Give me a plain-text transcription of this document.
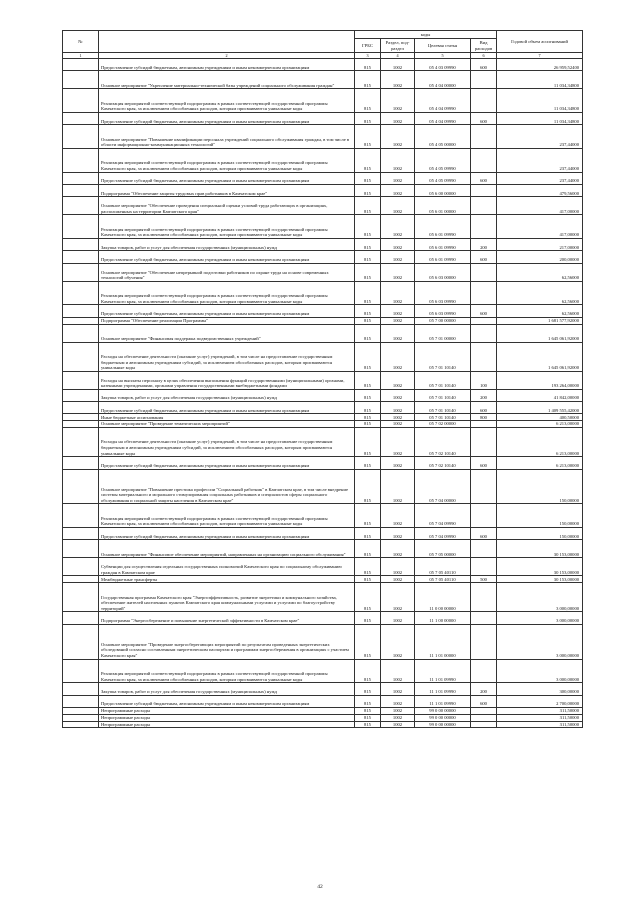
№		коды				Годовой объем ассигнований
		ГРБС	Раздел, под-раздел	Целевая статья	Вид расходов	
1	2	3	4	5	6	7
	Предоставление субсидий бюджетным, автономным учреждениям и иным некоммерческим организациям	815	1002	05 4 03 09990	600	26 959,52400
	Основное мероприятие "Укрепление материально-технической базы учреждений социального обслуживания граждан"	815	1002	05 4 04 00000		11 034,34800
	Реализация мероприятий соответствующей подпрограммы в рамках соответствующей государственной программы Камчатского края, за исключением обособленных расходов, которым присваиваются уникальные коды	815	1002	05 4 04 09990		11 034,34800
	Предоставление субсидий бюджетным, автономным учреждениям и иным некоммерческим организациям	815	1002	05 4 04 09990	600	11 034,34800
	Основное мероприятие "Повышение квалификации персонала учреждений социального обслуживания граждан, в том числе в области информационно-коммуникационных технологий"	815	1002	05 4 05 00000		237,44000
	Реализация мероприятий соответствующей подпрограммы в рамках соответствующей государственной программы Камчатского края, за исключением обособленных расходов, которым присваиваются уникальные коды	815	1002	05 4 05 09990		237,44000
	Предоставление субсидий бюджетным, автономным учреждениям и иным некоммерческим организациям	815	1002	05 4 05 09990	600	237,44000
	Подпрограмма "Обеспечение защиты трудовых прав работников в Камчатском крае"	815	1002	05 6 00 00000		479,56000
	Основное мероприятие "Обеспечение проведения специальной оценки условий труда работающих в организациях, расположенных на территории Камчатского края"	815	1002	05 6 01 00000		417,00000
	Реализация мероприятий соответствующей подпрограммы в рамках соответствующей государственной программы Камчатского края, за исключением обособленных расходов, которым присваиваются уникальные коды	815	1002	05 6 01 09990		417,00000
	Закупка товаров, работ и услуг для обеспечения государственных (муниципальных) нужд	815	1002	05 6 01 09990	200	217,00000
	Предоставление субсидий бюджетным, автономным учреждениям и иным некоммерческим организациям	815	1002	05 6 01 09990	600	200,00000
	Основное мероприятие "Обеспечение непрерывной подготовки работников по охране труда на основе современных технологий обучения"	815	1002	05 6 03 00000		62,56000
	Реализация мероприятий соответствующей подпрограммы в рамках соответствующей государственной программы Камчатского края, за исключением обособленных расходов, которым присваиваются уникальные коды	815	1002	05 6 03 09990		62,56000
	Предоставление субсидий бюджетным, автономным учреждениям и иным некоммерческим организациям	815	1002	05 6 03 09990	600	62,56000
	Подпрограмма "Обеспечение реализации Программы"	815	1002	05 7 00 00000		1 681 577,92000
	Основное мероприятие "Финансовая поддержка подведомственных учреждений"	815	1002	05 7 01 00000		1 645 061,92000
	Расходы на обеспечение деятельности (оказание услуг) учреждений, в том числе на предоставление государственным бюджетным и автономным учреждениям субсидий, за исключением обособленных расходов, которым присваиваются уникальные коды	815	1002	05 7 01 10140		1 645 061,92000
	Расходы на выплаты персоналу в целях обеспечения выполнения функций государственными (муниципальными) органами, казенными учреждениями, органами управления государственными внебюджетными фондами	815	1002	05 7 01 10140	100	193 264,00000
	Закупка товаров, работ и услуг для обеспечения государственных (муниципальных) нужд	815	1002	05 7 01 10140	200	41 842,00000
	Предоставление субсидий бюджетным, автономным учреждениям и иным некоммерческим организациям	815	1002	05 7 01 10140	600	1 409 555,42000
	Иные бюджетные ассигнования	815	1002	05 7 01 10140	800	400,50000
	Основное мероприятие "Проведение тематических мероприятий"	815	1002	05 7 02 00000		6 213,00000
	Расходы на обеспечение деятельности (оказание услуг) учреждений, в том числе на предоставление государственным бюджетным и автономным учреждениям субсидий, за исключением обособленных расходов, которым присваиваются уникальные коды	815	1002	05 7 02 10140		6 213,00000
	Предоставление субсидий бюджетным, автономным учреждениям и иным некоммерческим организациям	815	1002	05 7 02 10140	600	6 213,00000
	Основное мероприятие "Повышение престижа профессии "Социальный работник" в Камчатском крае, в том числе внедрение системы материального и морального стимулирования социальных работников и специалистов сферы социального обслуживания и социальной защиты населения в Камчатском крае"	815	1002	05 7 04 00000		150,00000
	Реализация мероприятий соответствующей подпрограммы в рамках соответствующей государственной программы Камчатского края, за исключением обособленных расходов, которым присваиваются уникальные коды	815	1002	05 7 04 09990		150,00000
	Предоставление субсидий бюджетным, автономным учреждениям и иным некоммерческим организациям	815	1002	05 7 04 09990	600	150,00000
	Основное мероприятие "Финансовое обеспечение мероприятий, направленных на организацию социального обслуживания"	815	1002	05 7 05 00000		30 153,00000
	Субвенции для осуществления отдельных государственных полномочий Камчатского края по социальному обслуживанию граждан в Камчатском крае	815	1002	05 7 05 40110		30 153,00000
	Межбюджетные трансферты	815	1002	05 7 05 40110	500	30 153,00000
	Государственная программа Камчатского края "Энергоэффективность, развитие энергетики и коммунального хозяйства, обеспечение жителей населенных пунктов Камчатского края коммунальными услугами и услугами по благоустройству территорий"	815	1002	11 0 00 00000		3 000,00000
	Подпрограмма "Энергосбережение и повышение энергетической эффективности в Камчатском крае"	815	1002	11 1 00 00000		3 000,00000
	Основное мероприятие "Проведение энергосберегающих мероприятий по результатам проведенных энергетических обследований согласно составленным энергетическим паспортам и программам энергосбережения в организациях с участием Камчатского края"	815	1002	11 1 01 00000		3 000,00000
	Реализация мероприятий соответствующей подпрограммы в рамках соответствующей государственной программы Камчатского края, за исключением обособленных расходов, которым присваиваются уникальные коды	815	1002	11 1 01 09990		3 000,00000
	Закупка товаров, работ и услуг для обеспечения государственных (муниципальных) нужд	815	1002	11 1 01 09990	200	300,00000
	Предоставление субсидий бюджетным, автономным учреждениям и иным некоммерческим организациям	815	1002	11 1 01 09990	600	2 700,00000
	Непрограммные расходы	815	1002	99 0 00 00000		311,50000
	Непрограммные расходы	815	1002	99 0 00 00000		311,50000
	Непрограммные расходы	815	1002	99 0 00 00000		311,50000
42
